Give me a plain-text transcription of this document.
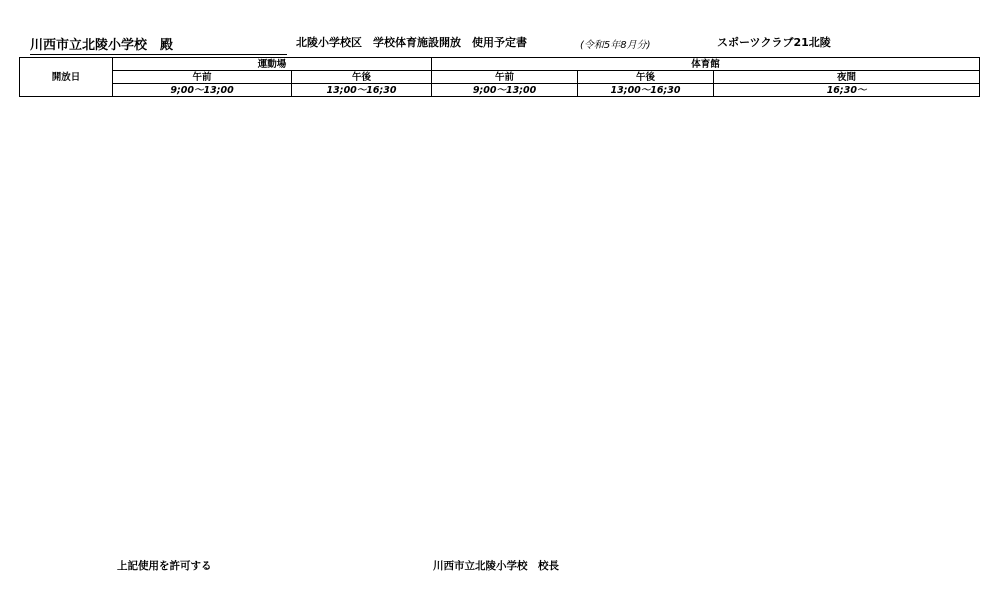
川西市立北陵小学校　殿	北陵小学校区　学校体育施設開放　使用予定書	(令和5年8月分)	スポーツクラブ21北陵
開放日	運動場		体育館		
	午前	午後	午前	午後	夜間
	9;00～13;00	13;00～16;30	9;00～13;00	13;00～16;30	16;30～
上記使用を許可する	川西市立北陵小学校　校長
